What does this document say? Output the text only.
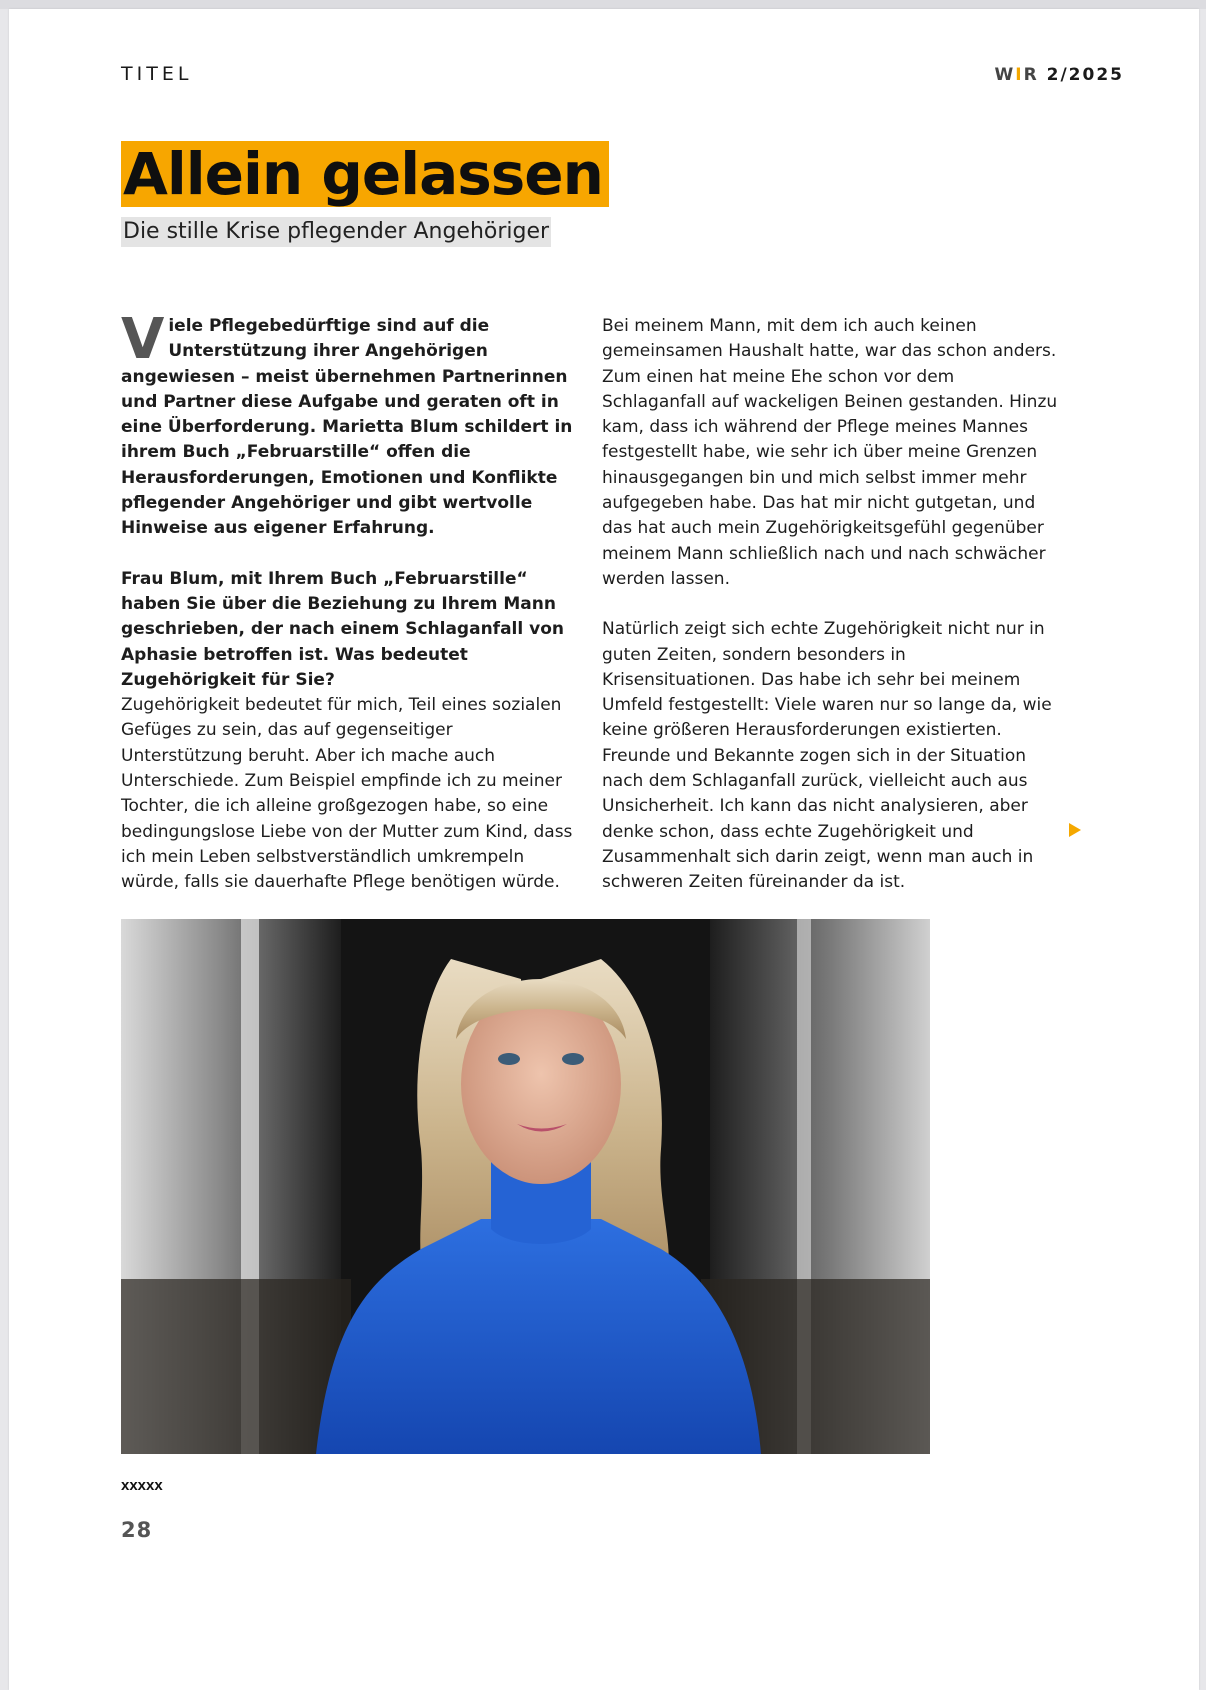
TITEL	WIR 2/2025
Allein gelassen
Die stille Krise pflegender Angehöriger

Viele Pflegebedürftige sind auf die Unterstützung ihrer Angehörigen angewiesen – meist übernehmen Partnerinnen und Partner diese Aufgabe und geraten oft in eine Überforderung. Marietta Blum schildert in ihrem Buch „Februarstille“ offen die Herausforderungen, Emotionen und Konflikte pflegender Angehöriger und gibt wertvolle Hinweise aus eigener Erfahrung.

Frau Blum, mit Ihrem Buch „Februarstille“ haben Sie über die Beziehung zu Ihrem Mann geschrieben, der nach einem Schlaganfall von Aphasie betroffen ist. Was bedeutet Zugehörigkeit für Sie?

Zugehörigkeit bedeutet für mich, Teil eines sozialen Gefüges zu sein, das auf gegenseitiger Unterstützung beruht. Aber ich mache auch Unterschiede. Zum Beispiel empfinde ich zu meiner Tochter, die ich alleine großgezogen habe, so eine bedingungslose Liebe von der Mutter zum Kind, dass ich mein Leben selbstverständlich umkrempeln würde, falls sie dauerhafte Pflege benötigen würde.

Bei meinem Mann, mit dem ich auch keinen gemeinsamen Haushalt hatte, war das schon anders. Zum einen hat meine Ehe schon vor dem Schlaganfall auf wackeligen Beinen gestanden. Hinzu kam, dass ich während der Pflege meines Mannes festgestellt habe, wie sehr ich über meine Grenzen hinausgegangen bin und mich selbst immer mehr aufgegeben habe. Das hat mir nicht gutgetan, und das hat auch mein Zugehörigkeitsgefühl gegenüber meinem Mann schließlich nach und nach schwächer werden lassen.

Natürlich zeigt sich echte Zugehörigkeit nicht nur in guten Zeiten, sondern besonders in Krisensituationen. Das habe ich sehr bei meinem Umfeld festgestellt: Viele waren nur so lange da, wie keine größeren Herausforderungen existierten. Freunde und Bekannte zogen sich in der Situation nach dem Schlaganfall zurück, vielleicht auch aus Unsicherheit. Ich kann das nicht analysieren, aber denke schon, dass echte Zugehörigkeit und Zusammenhalt sich darin zeigt, wenn man auch in schweren Zeiten füreinander da ist.

xxxxx
28
